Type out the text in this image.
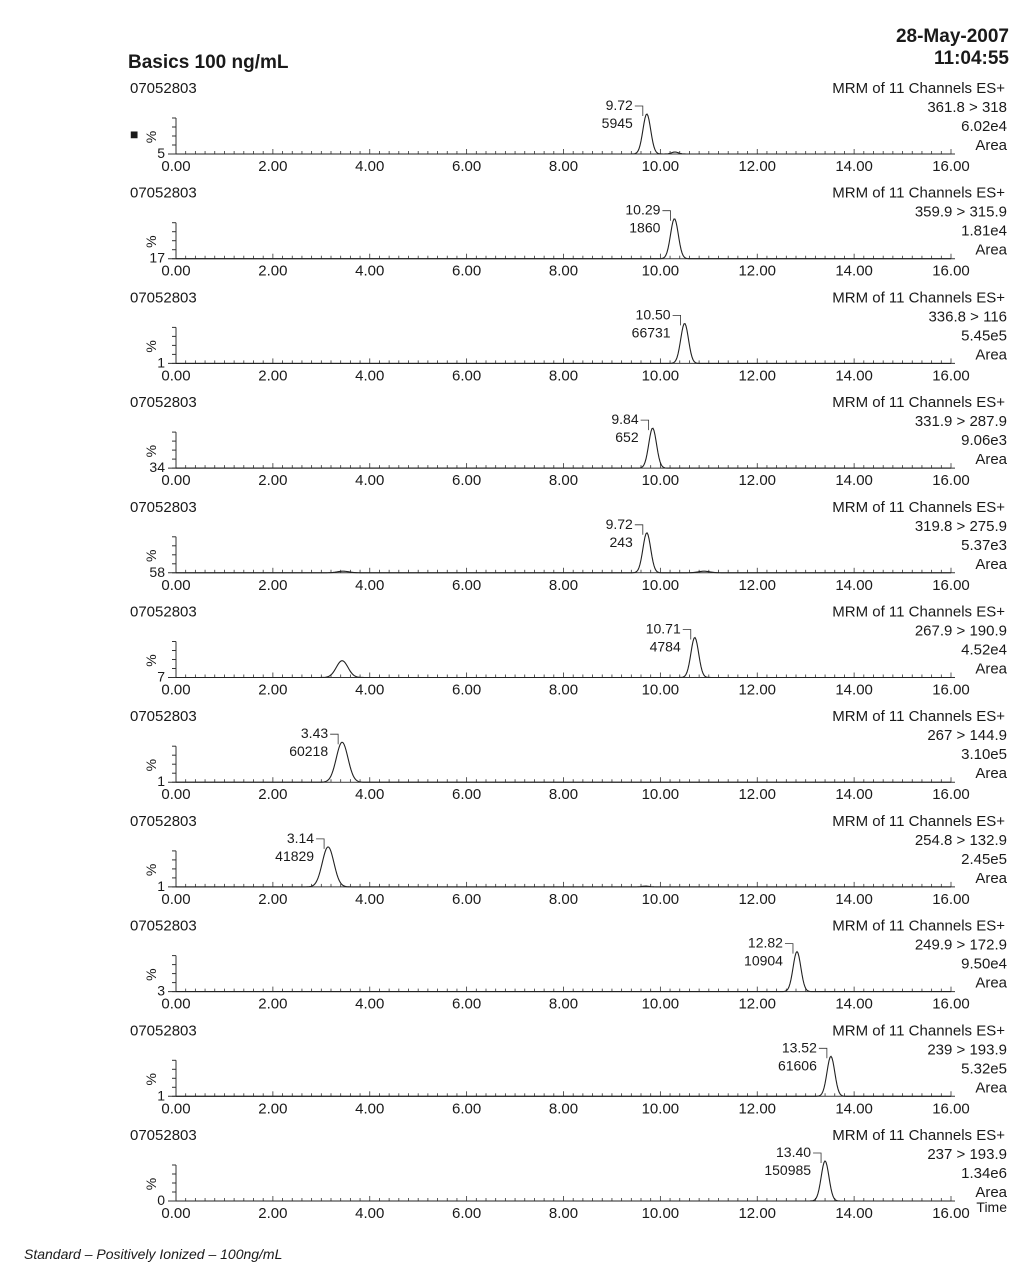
Basics 100 ng/mL
28-May-2007
11:04:55
07052803	MRM of 11 Channels ES+
361.8 > 318
6.02e4
Area
%
5
■
0.00	2.00	4.00	6.00	8.00	10.00	12.00	14.00	16.00
9.72
5945
07052803	MRM of 11 Channels ES+
359.9 > 315.9
1.81e4
Area
%
17
0.00	2.00	4.00	6.00	8.00	10.00	12.00	14.00	16.00
10.29
1860
07052803	MRM of 11 Channels ES+
336.8 > 116
5.45e5
Area
%
1
0.00	2.00	4.00	6.00	8.00	10.00	12.00	14.00	16.00
10.50
66731
07052803	MRM of 11 Channels ES+
331.9 > 287.9
9.06e3
Area
%
34
0.00	2.00	4.00	6.00	8.00	10.00	12.00	14.00	16.00
9.84
652
07052803	MRM of 11 Channels ES+
319.8 > 275.9
5.37e3
Area
%
58
0.00	2.00	4.00	6.00	8.00	10.00	12.00	14.00	16.00
9.72
243
07052803	MRM of 11 Channels ES+
267.9 > 190.9
4.52e4
Area
%
7
0.00	2.00	4.00	6.00	8.00	10.00	12.00	14.00	16.00
10.71
4784
07052803	MRM of 11 Channels ES+
267 > 144.9
3.10e5
Area
%
1
0.00	2.00	4.00	6.00	8.00	10.00	12.00	14.00	16.00
3.43
60218
07052803	MRM of 11 Channels ES+
254.8 > 132.9
2.45e5
Area
%
1
0.00	2.00	4.00	6.00	8.00	10.00	12.00	14.00	16.00
3.14
41829
07052803	MRM of 11 Channels ES+
249.9 > 172.9
9.50e4
Area
%
3
0.00	2.00	4.00	6.00	8.00	10.00	12.00	14.00	16.00
12.82
10904
07052803	MRM of 11 Channels ES+
239 > 193.9
5.32e5
Area
%
1
0.00	2.00	4.00	6.00	8.00	10.00	12.00	14.00	16.00
13.52
61606
07052803	MRM of 11 Channels ES+
237 > 193.9
1.34e6
Area
%
0
0.00	2.00	4.00	6.00	8.00	10.00	12.00	14.00	16.00
13.40
150985
Time
Standard – Positively Ionized – 100ng/mL
